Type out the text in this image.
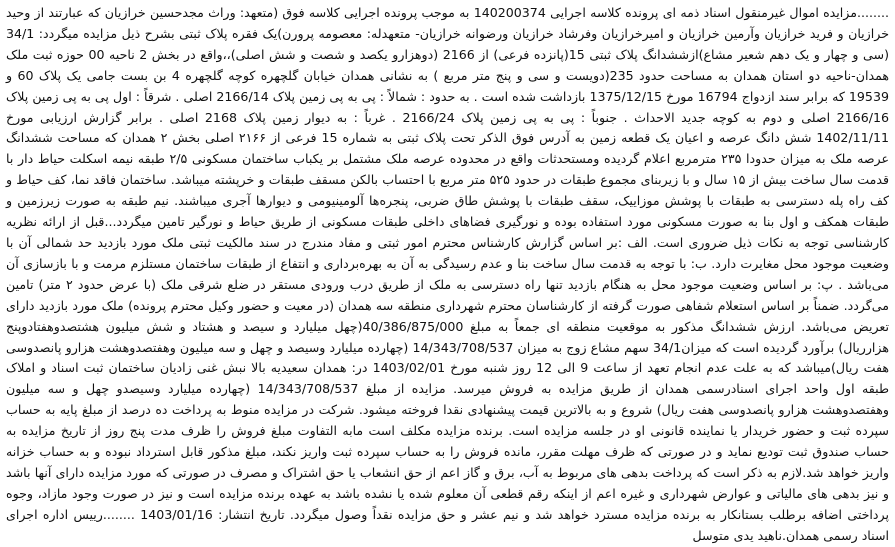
........مزایده اموال غیرمنقول اسناد ذمه ای پرونده کلاسه اجرایی 140200374 به موجب پرونده اجرایی کلاسه فوق (متعهد: وراث مجدحسین خرازیان که عبارتند از وحید خرازیان و فرید خرازیان وآرمین خرازیان و امیرخرازیان وفرشاد خرازیان ورضوانه خرازیان- متعهدله: معصومه پرورن)یک فقره پلاک ثبتی بشرح ذیل مزایده میگردد: 34/1 (سی و چهار و یک دهم شعیر مشاع)ازششدانگ پلاک ثبتی 15(پانزده فرعی) از 2166 (دوهزارو یکصد و شصت و شش اصلی)،،واقع در بخش 2 ناحیه 00 حوزه ثبت ملک همدان-ناحیه دو استان همدان به مساحت حدود 235(دویست و سی و پنج متر مربع ) به نشانی همدان خیابان گلچهره کوچه گلچهره 4 بن بست جامی یک پلاک 60 و 19539 که برابر سند ازدواج 16794 مورخ 1375/12/15 بازداشت شده است . به حدود : شمالاً : پی به پی زمین پلاک 2166/14 اصلی . شرقاً : اول پی به پی زمین پلاک 2166/16 اصلی و دوم به کوچه جدید الاحداث . جنوباً : پی به پی زمین پلاک 2166/24 . غرباً : به دیوار زمین پلاک 2168 اصلی . برابر گزارش ارزیابی مورخ 1402/11/11 شش دانگ عرصه و اعیان یک قطعه زمین به آدرس فوق الذکر تحت پلاک ثبتی به شماره 15 فرعی از ۲۱۶۶ اصلی بخش ۲ همدان که مساحت ششدانگ عرصه ملک به میزان حدودا ۲۳۵ مترمربع اعلام گردیده ومستحدثات واقع در محدوده عرصه ملک مشتمل بر یکباب ساختمان مسکونی ۲/۵ طبقه نیمه اسکلت حیاط دار با قدمت سال ساخت بیش از ۱۵ سال و با زیربنای مجموع طبقات در حدود ۵۲۵ متر مربع با احتساب بالکن مسقف طبقات و خرپشته میباشد. ساختمان فاقد نما، کف حیاط و کف راه پله دسترسی به طبقات با پوشش موزاییک، سقف طبقات با پوشش طاق ضربی، پنجره‌ها آلومینیومی و دیوارها آجری میباشند. نیم طبقه به صورت زیرزمین و طبقات همکف و اول بنا به صورت مسکونی مورد استفاده بوده و نورگیری فضاهای داخلی طبقات مسکونی از طریق حیاط و نورگیر تامین میگردد...قبل از ارائه نظریه کارشناسی توجه به نکات ذیل ضروری است. الف :بر اساس گزارش کارشناس محترم امور ثبتی و مفاد مندرج در سند مالکیت ثبتی ملک مورد بازدید حد شمالی آن با وضعیت موجود محل مغایرت دارد. ب: با توجه به قدمت سال ساخت بنا و عدم رسیدگی به آن به بهره‌برداری و انتفاع از طبقات ساختمان مستلزم مرمت و با بازسازی آن می‌باشد . پ: بر اساس وضعیت موجود محل به هنگام بازدید تنها راه دسترسی به ملک از طریق درب ورودی مستقر در ضلع شرقی ملک (با عرض حدود ۲ متر) تامین می‌گردد. ضمناً بر اساس استعلام شفاهی صورت گرفته از کارشناسان محترم شهرداری منطقه سه همدان (در معیت و حضور وکیل محترم پرونده) ملک مورد بازدید دارای تعریض می‌باشد. ارزش ششدانگ مذکور به موقعیت منطقه ای جمعاً به مبلغ 40/386/875/000(چهل میلیارد و سیصد و هشتاد و شش میلیون هشتصدوهفتادوپنج هزارریال) برآورد گردیده است که میزان34/1 سهم مشاع زوج به میزان 14/343/708/537 (چهارده میلیارد وسیصد و چهل و سه میلیون وهفتصدوهشت هزارو پانصدوسی هفت ریال)میباشد که به علت عدم انجام تعهد از ساعت 9 الی 12 روز شنبه مورخ 1403/02/01 در: همدان سعیدیه بالا نبش غنی زادیان ساختمان ثبت اسناد و املاک طبقه اول واحد اجرای اسنادرسمی همدان از طریق مزایده به فروش میرسد. مزایده از مبلغ 14/343/708/537 (چهارده میلیارد وسیصدو چهل و سه میلیون وهفتصدوهشت هزارو پانصدوسی هفت ریال) شروع و به بالاترین قیمت پیشنهادی نقدا فروخته میشود. شرکت در مزایده منوط به پرداخت ده درصد از مبلغ پایه به حساب سپرده ثبت و حضور خریدار یا نماینده قانونی او در جلسه مزایده است. برنده مزایده مکلف است مابه التفاوت مبلغ فروش را ظرف مدت پنج روز از تاریخ مزایده به حساب صندوق ثبت تودیع نماید و در صورتی که ظرف مهلت مقرر، مانده فروش را به حساب سپرده ثبت واریز نکند، مبلغ مذکور قابل استرداد نبوده و به حساب خزانه واریز خواهد شد.لازم به ذکر است که پرداخت بدهی های مربوط به آب، برق و گاز اعم از حق انشعاب یا حق اشتراک و مصرف در صورتی که مورد مزایده دارای آنها باشد و نیز بدهی های مالیاتی و عوارض شهرداری و غیره اعم از اینکه رقم قطعی آن معلوم شده یا نشده باشد به عهده برنده مزایده است و نیز در صورت وجود مازاد، وجوه پرداختی اضافه برطلب بستانکار به برنده مزایده مسترد خواهد شد و نیم عشر و حق مزایده نقداً وصول میگردد. تاریخ انتشار: 1403/01/16 ........رییس اداره اجرای اسناد رسمی همدان.ناهید یدی متوسل
